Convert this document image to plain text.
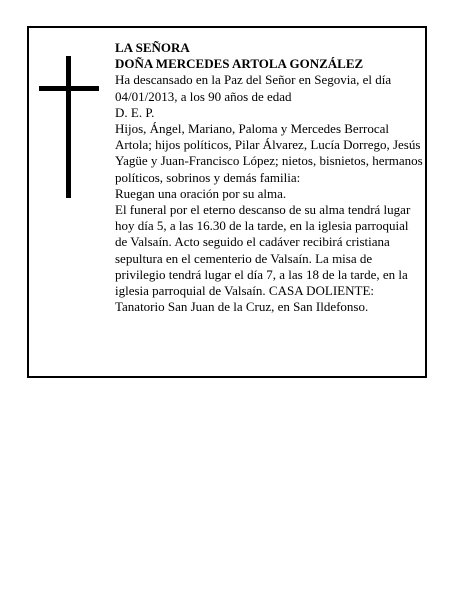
LA SEÑORA

DOÑA MERCEDES ARTOLA GONZÁLEZ

Ha descansado en la Paz del Señor en Segovia, el día 04/01/2013, a los 90 años de edad

D. E. P.

Hijos, Ángel, Mariano, Paloma y Mercedes Berrocal Artola; hijos políticos, Pilar Álvarez, Lucía Dorrego, Jesús Yagüe y Juan-Francisco López; nietos, bisnietos, hermanos políticos, sobrinos y demás familia:

Ruegan una oración por su alma.

El funeral por el eterno descanso de su alma tendrá lugar hoy día 5, a las 16.30 de la tarde, en la iglesia parroquial de Valsaín. Acto seguido el cadáver recibirá cristiana sepultura en el cementerio de Valsaín. La misa de privilegio tendrá lugar el día 7, a las 18 de la tarde, en la iglesia parroquial de Valsaín. CASA DOLIENTE: Tanatorio San Juan de la Cruz, en San Ildefonso.
